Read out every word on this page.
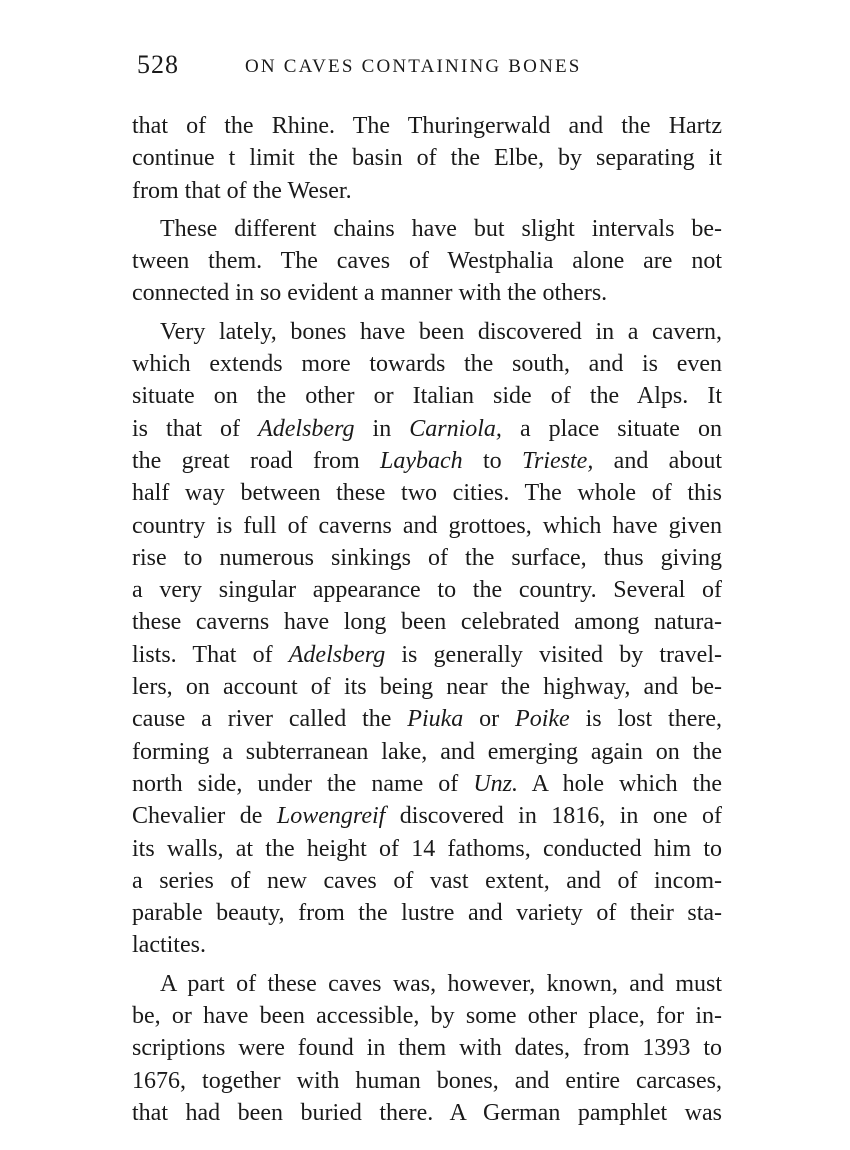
528	ON CAVES CONTAINING BONES
that of the Rhine. The Thuringerwald and the Hartz
continue t limit the basin of the Elbe, by separating it
from that of the Weser.
These different chains have but slight intervals be-
tween them. The caves of Westphalia alone are not
connected in so evident a manner with the others.
Very lately, bones have been discovered in a cavern,
which extends more towards the south, and is even
situate on the other or Italian side of the Alps. It
is that of Adelsberg in Carniola, a place situate on
the great road from Laybach to Trieste, and about
half way between these two cities. The whole of this
country is full of caverns and grottoes, which have given
rise to numerous sinkings of the surface, thus giving
a very singular appearance to the country. Several of
these caverns have long been celebrated among natura-
lists. That of Adelsberg is generally visited by travel-
lers, on account of its being near the highway, and be-
cause a river called the Piuka or Poike is lost there,
forming a subterranean lake, and emerging again on the
north side, under the name of Unz. A hole which the
Chevalier de Lowengreif discovered in 1816, in one of
its walls, at the height of 14 fathoms, conducted him to
a series of new caves of vast extent, and of incom-
parable beauty, from the lustre and variety of their sta-
lactites.
A part of these caves was, however, known, and must
be, or have been accessible, by some other place, for in-
scriptions were found in them with dates, from 1393 to
1676, together with human bones, and entire carcases,
that had been buried there. A German pamphlet was
